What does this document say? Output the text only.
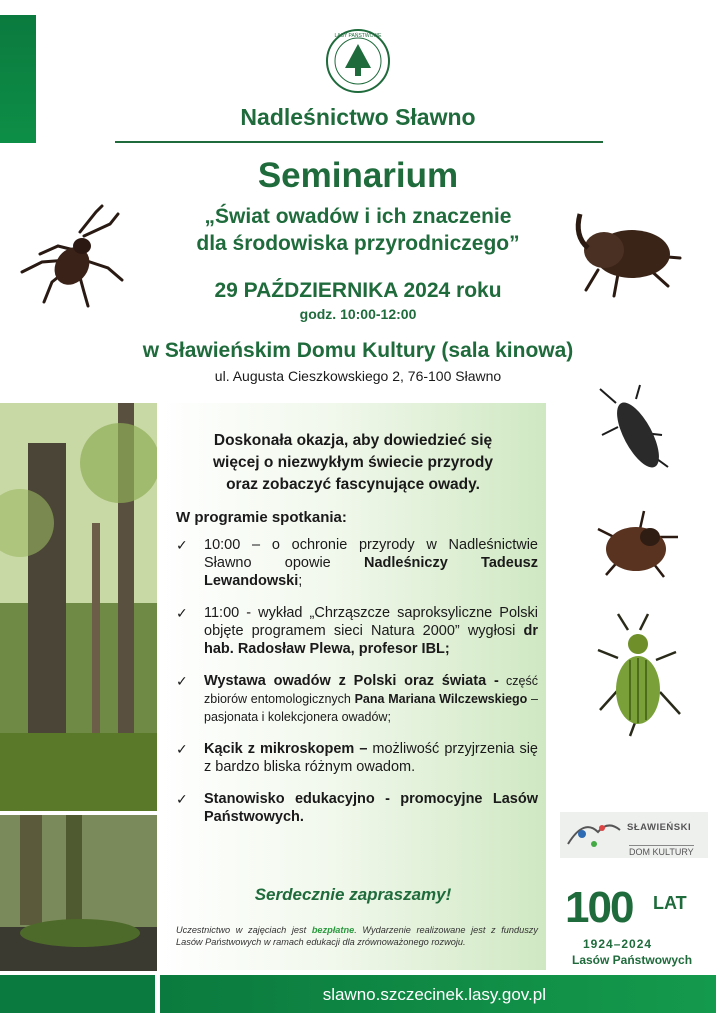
LASY PAŃSTWOWE
Nadleśnictwo Sławno
Seminarium
„Świat owadów i ich znaczenie
dla środowiska przyrodniczego”
29 PAŹDZIERNIKA 2024 roku
godz. 10:00-12:00
w Sławieńskim Domu Kultury (sala kinowa)
ul. Augusta Cieszkowskiego 2, 76-100 Sławno
Doskonała okazja, aby dowiedzieć się
więcej o niezwykłym świecie przyrody
oraz zobaczyć fascynujące owady.
W programie spotkania:
✓ 10:00 – o ochronie przyrody w Nadleśnictwie Sławno opowie Nadleśniczy Tadeusz Lewandowski;
✓ 11:00 - wykład „Chrząszcze saproksyliczne Polski objęte programem sieci Natura 2000” wygłosi dr hab. Radosław Plewa, profesor IBL;
✓ Wystawa owadów z Polski oraz świata - część zbiorów entomologicznych Pana Mariana Wilczewskiego – pasjonata i kolekcjonera owadów;
✓ Kącik z mikroskopem – możliwość przyjrzenia się z bardzo bliska różnym owadom.
✓ Stanowisko edukacyjno - promocyjne Lasów Państwowych.
Serdecznie zapraszamy!
Uczestnictwo w zajęciach jest bezpłatne. Wydarzenie realizowane jest z funduszy Lasów Państwowych w ramach edukacji dla zrównoważonego rozwoju.
SŁAWIEŃSKI
DOM KULTURY
100 LAT
1924–2024
Lasów Państwowych
slawno.szczecinek.lasy.gov.pl
